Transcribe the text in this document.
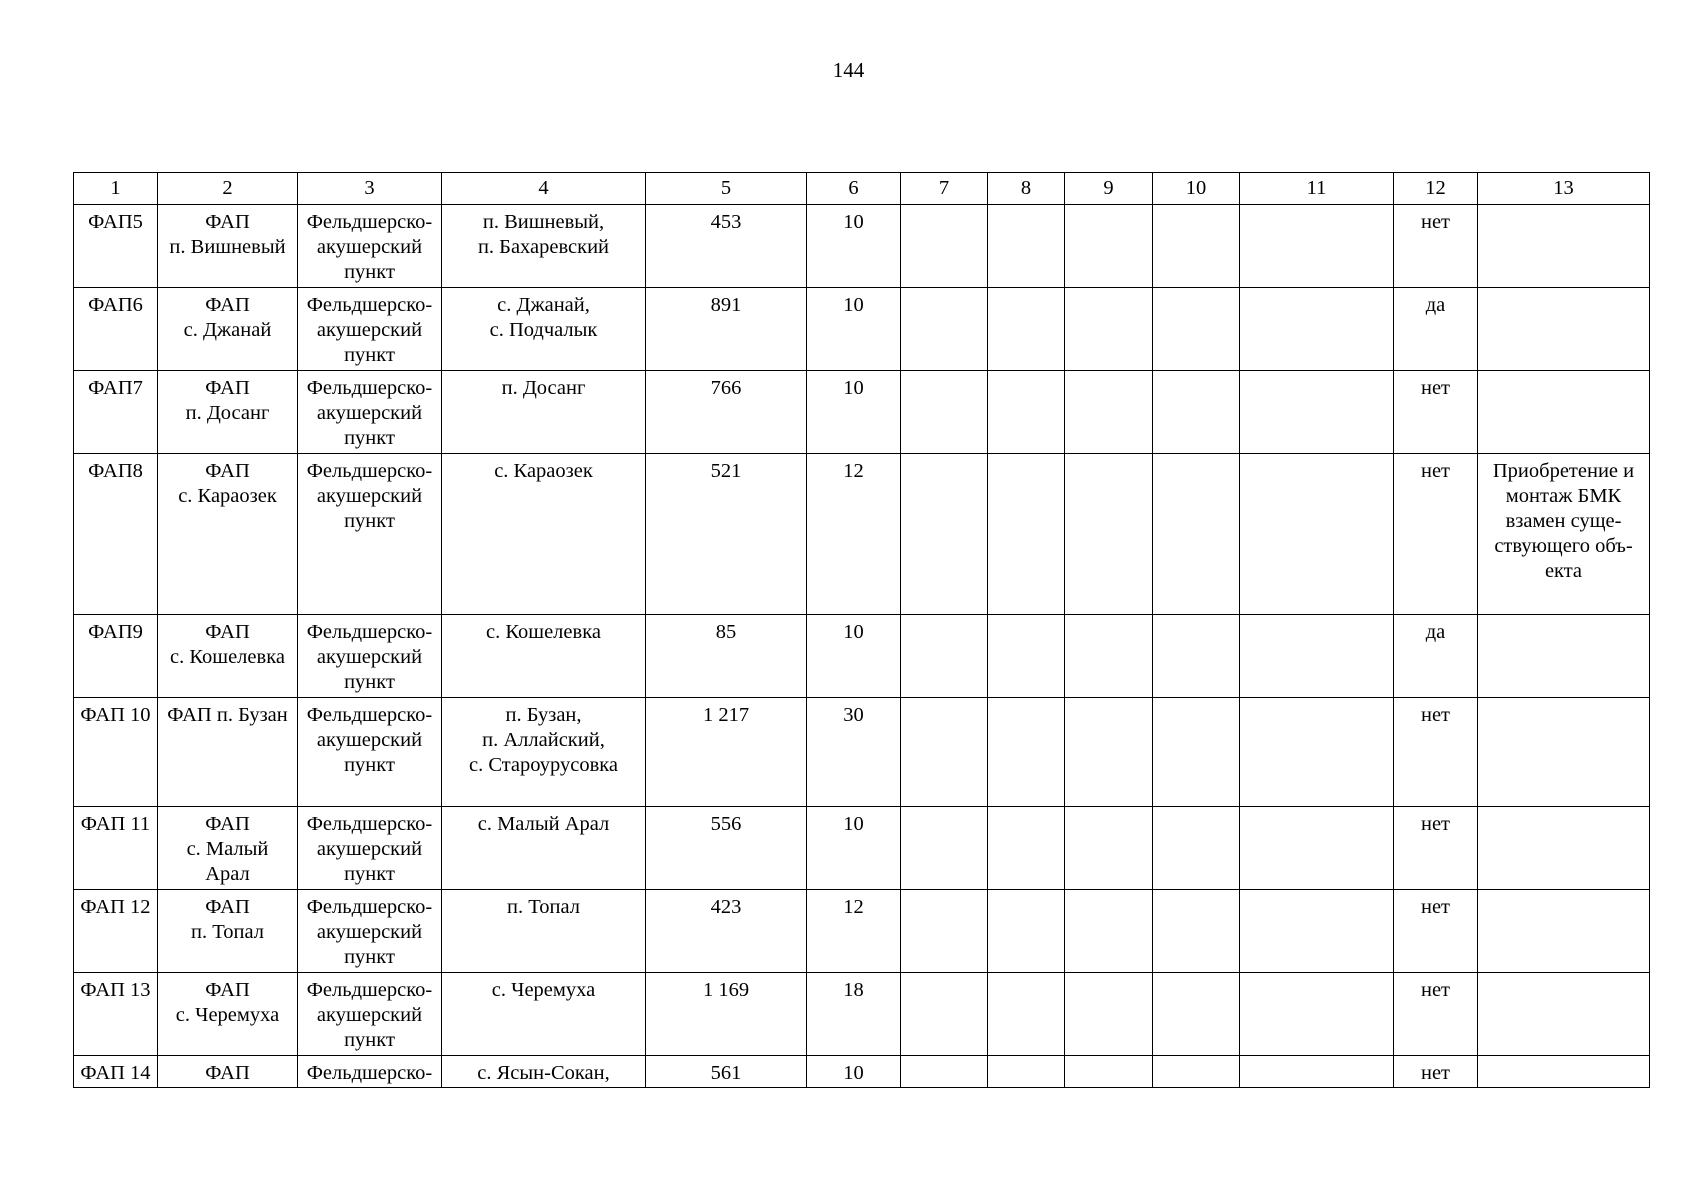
144
1	2	3	4	5	6	7	8	9	10	11	12	13
ФАП5	ФАП
п. Вишневый	Фельдшерско-
акушерский
пункт	п. Вишневый,
п. Бахаревский	453	10						нет	
ФАП6	ФАП
с. Джанай	Фельдшерско-
акушерский
пункт	с. Джанай,
с. Подчалык	891	10						да	
ФАП7	ФАП
п. Досанг	Фельдшерско-
акушерский
пункт	п. Досанг	766	10						нет	
ФАП8	ФАП
с. Караозек	Фельдшерско-
акушерский
пункт	с. Караозек	521	12						нет	Приобретение и
монтаж БМК
взамен суще-
ствующего объ-
екта
ФАП9	ФАП
с. Кошелевка	Фельдшерско-
акушерский
пункт	с. Кошелевка	85	10						да	
ФАП 10	ФАП п. Бузан	Фельдшерско-
акушерский
пункт	п. Бузан,
п. Аллайский,
с. Староурусовка	1 217	30						нет	
ФАП 11	ФАП
с. Малый
Арал	Фельдшерско-
акушерский
пункт	с. Малый Арал	556	10						нет	
ФАП 12	ФАП
п. Топал	Фельдшерско-
акушерский
пункт	п. Топал	423	12						нет	
ФАП 13	ФАП
с. Черемуха	Фельдшерско-
акушерский
пункт	с. Черемуха	1 169	18						нет	
ФАП 14	ФАП	Фельдшерско-	с. Ясын-Сокан,	561	10						нет	
